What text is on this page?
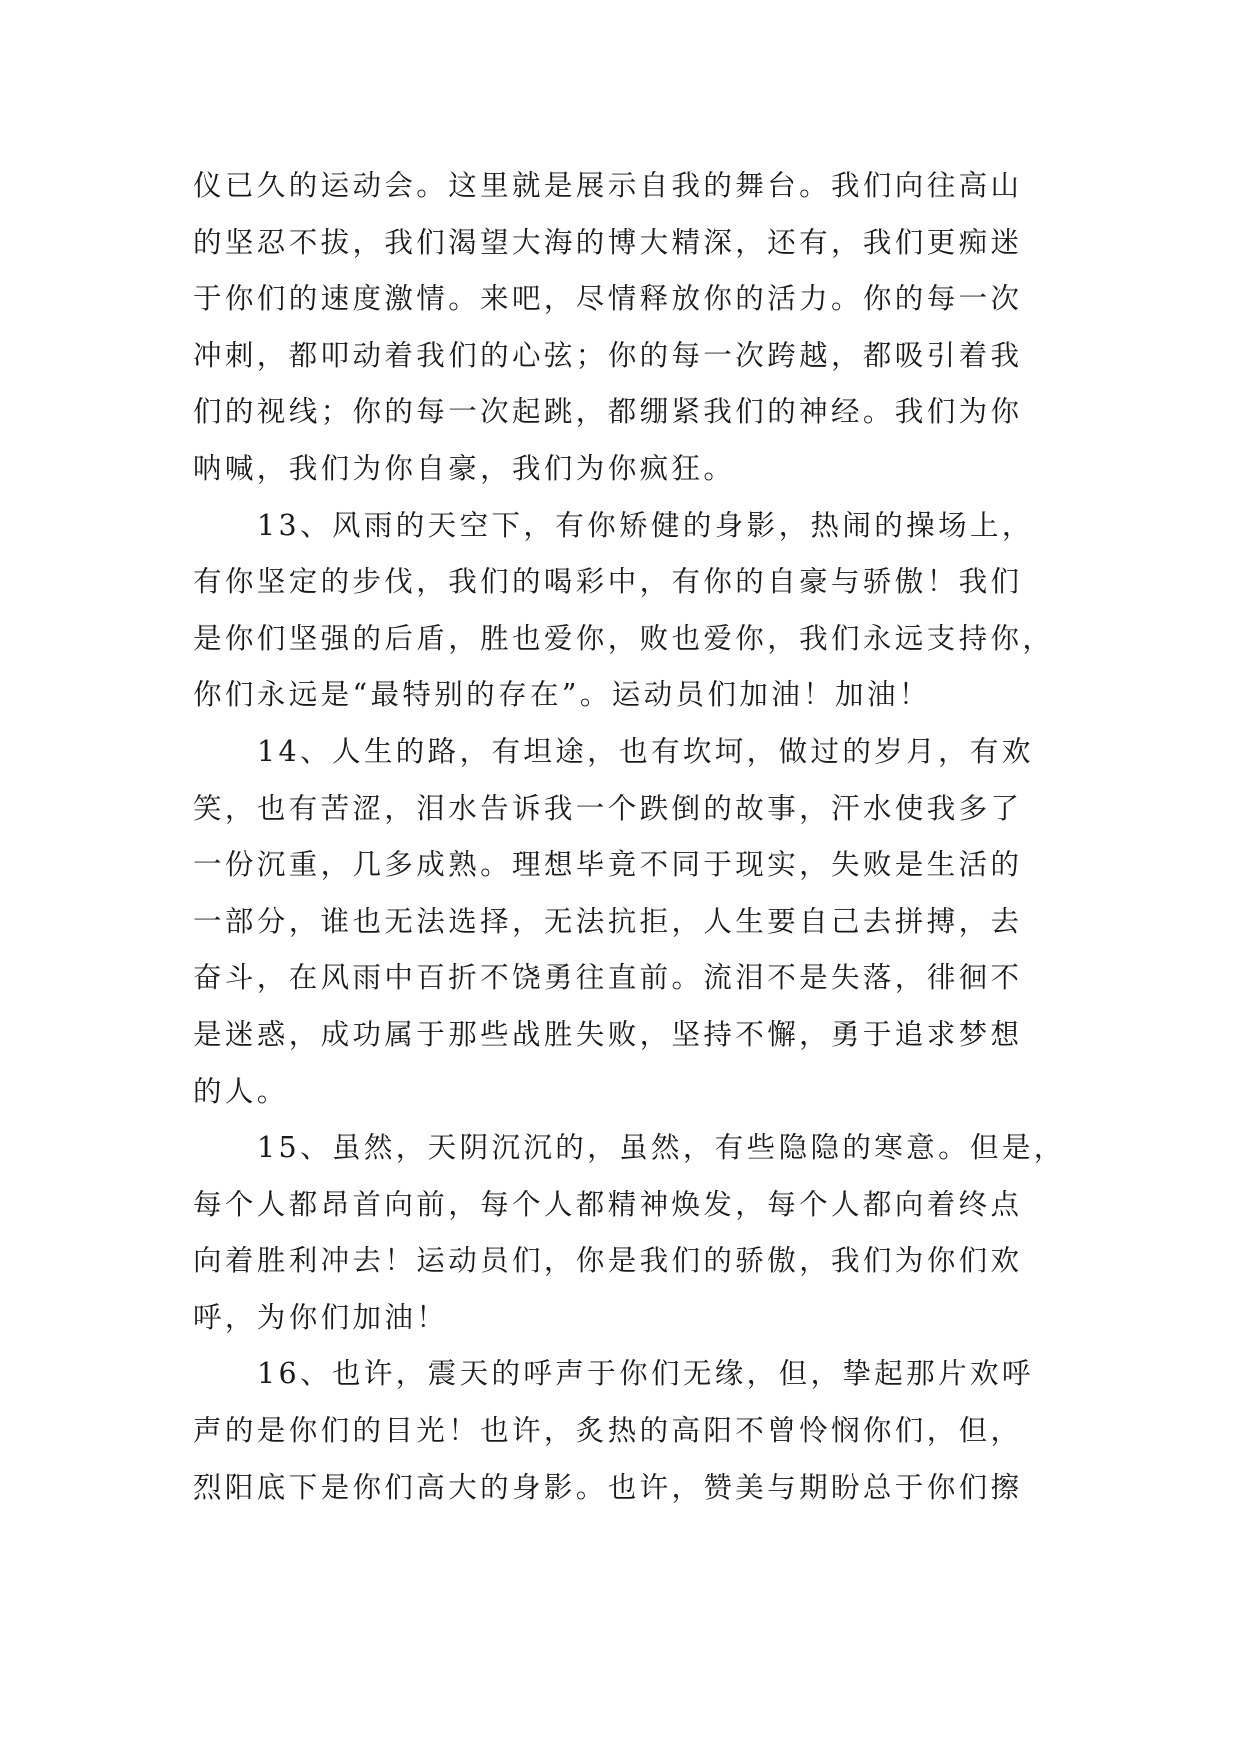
仪已久的运动会。这里就是展示自我的舞台。我们向往高山
的坚忍不拔，我们渴望大海的博大精深，还有，我们更痴迷
于你们的速度激情。来吧，尽情释放你的活力。你的每一次
冲刺，都叩动着我们的心弦；你的每一次跨越，都吸引着我
们的视线；你的每一次起跳，都绷紧我们的神经。我们为你
呐喊，我们为你自豪，我们为你疯狂。
13、风雨的天空下，有你矫健的身影，热闹的操场上，
有你坚定的步伐，我们的喝彩中，有你的自豪与骄傲！我们
是你们坚强的后盾，胜也爱你，败也爱你，我们永远支持你，
你们永远是“最特别的存在”。运动员们加油！加油！
14、人生的路，有坦途，也有坎坷，做过的岁月，有欢
笑，也有苦涩，泪水告诉我一个跌倒的故事，汗水使我多了
一份沉重，几多成熟。理想毕竟不同于现实，失败是生活的
一部分，谁也无法选择，无法抗拒，人生要自己去拼搏，去
奋斗，在风雨中百折不饶勇往直前。流泪不是失落，徘徊不
是迷惑，成功属于那些战胜失败，坚持不懈，勇于追求梦想
的人。
15、虽然，天阴沉沉的，虽然，有些隐隐的寒意。但是，
每个人都昂首向前，每个人都精神焕发，每个人都向着终点
向着胜利冲去！运动员们，你是我们的骄傲，我们为你们欢
呼，为你们加油！
16、也许，震天的呼声于你们无缘，但，挚起那片欢呼
声的是你们的目光！也许，炙热的高阳不曾怜悯你们，但，
烈阳底下是你们高大的身影。也许，赞美与期盼总于你们擦
